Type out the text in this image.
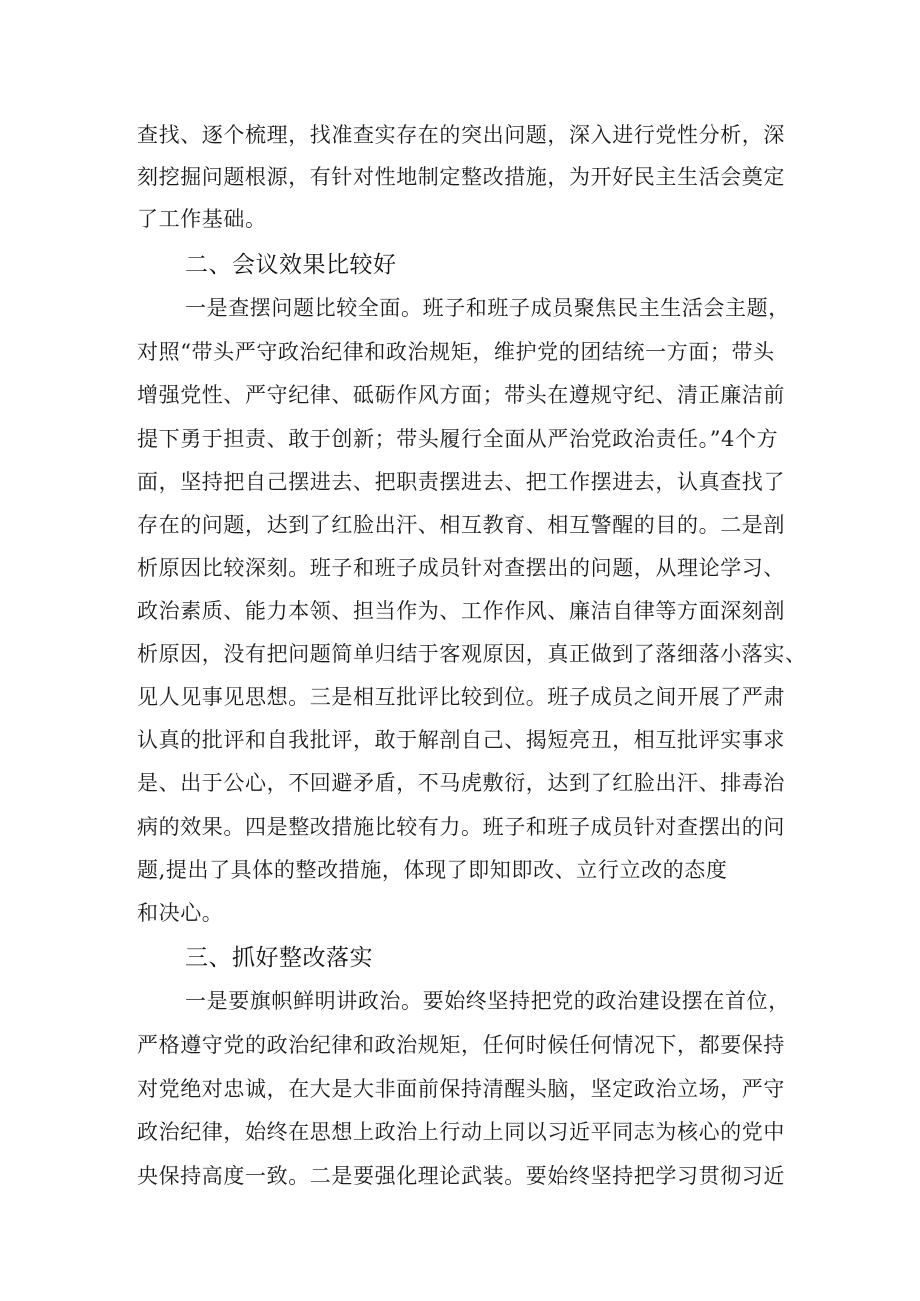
查找、逐个梳理，找准查实存在的突出问题，深入进行党性分析，深
刻挖掘问题根源，有针对性地制定整改措施，为开好民主生活会奠定
了工作基础。
二、会议效果比较好
一是查摆问题比较全面。班子和班子成员聚焦民主生活会主题，
对照“带头严守政治纪律和政治规矩，维护党的团结统一方面；带头
增强党性、严守纪律、砥砺作风方面；带头在遵规守纪、清正廉洁前
提下勇于担责、敢于创新；带头履行全面从严治党政治责任。”4个方
面，坚持把自己摆进去、把职责摆进去、把工作摆进去，认真查找了
存在的问题，达到了红脸出汗、相互教育、相互警醒的目的。二是剖
析原因比较深刻。班子和班子成员针对查摆出的问题，从理论学习、
政治素质、能力本领、担当作为、工作作风、廉洁自律等方面深刻剖
析原因，没有把问题简单归结于客观原因，真正做到了落细落小落实、
见人见事见思想。三是相互批评比较到位。班子成员之间开展了严肃
认真的批评和自我批评，敢于解剖自己、揭短亮丑，相互批评实事求
是、出于公心，不回避矛盾，不马虎敷衍，达到了红脸出汗、排毒治
病的效果。四是整改措施比较有力。班子和班子成员针对查摆出的问
题,提出了具体的整改措施，体现了即知即改、立行立改的态度
和决心。
三、抓好整改落实
一是要旗帜鲜明讲政治。要始终坚持把党的政治建设摆在首位，
严格遵守党的政治纪律和政治规矩，任何时候任何情况下，都要保持
对党绝对忠诚，在大是大非面前保持清醒头脑，坚定政治立场，严守
政治纪律，始终在思想上政治上行动上同以习近平同志为核心的党中
央保持高度一致。二是要强化理论武装。要始终坚持把学习贯彻习近
